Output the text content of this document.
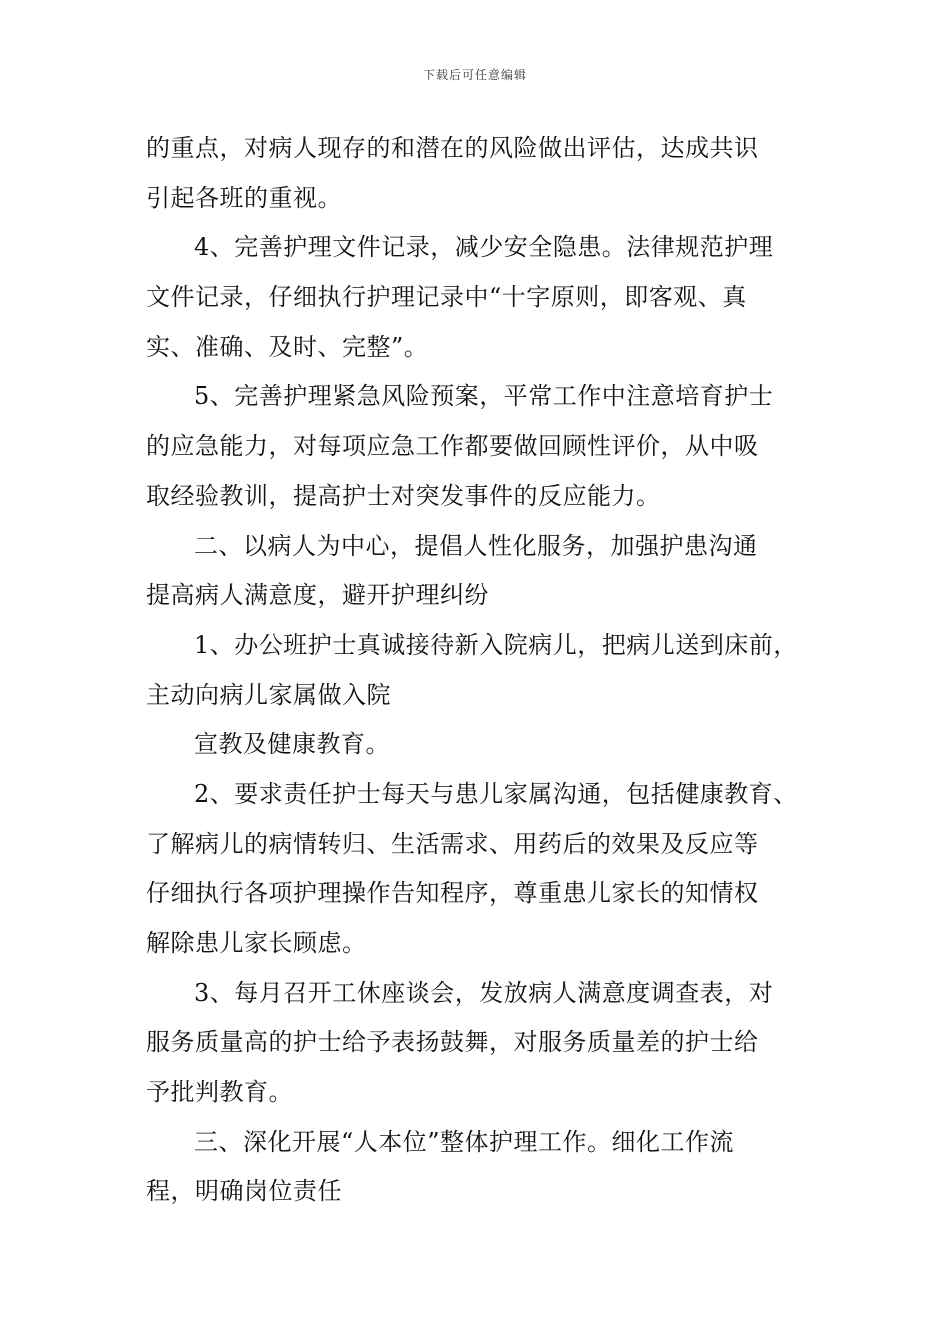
下载后可任意编辑
的重点，对病人现存的和潜在的风险做出评估，达成共识
引起各班的重视。
4、完善护理文件记录，减少安全隐患。法律规范护理
文件记录，仔细执行护理记录中“十字原则，即客观、真
实、准确、及时、完整”。
5、完善护理紧急风险预案，平常工作中注意培育护士
的应急能力，对每项应急工作都要做回顾性评价，从中吸
取经验教训，提高护士对突发事件的反应能力。
二、以病人为中心，提倡人性化服务，加强护患沟通
提高病人满意度，避开护理纠纷
1、办公班护士真诚接待新入院病儿，把病儿送到床前，
主动向病儿家属做入院
宣教及健康教育。
2、要求责任护士每天与患儿家属沟通，包括健康教育、
了解病儿的病情转归、生活需求、用药后的效果及反应等
仔细执行各项护理操作告知程序，尊重患儿家长的知情权
解除患儿家长顾虑。
3、每月召开工休座谈会，发放病人满意度调查表，对
服务质量高的护士给予表扬鼓舞，对服务质量差的护士给
予批判教育。
三、深化开展“人本位”整体护理工作。细化工作流
程，明确岗位责任
